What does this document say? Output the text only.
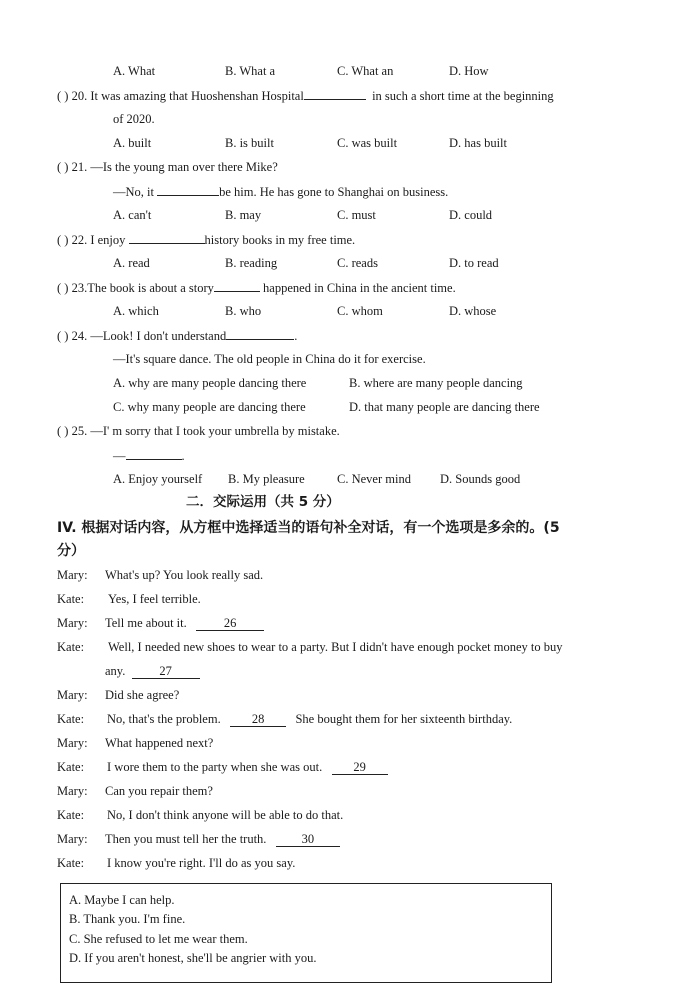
A. What	B. What a	C. What an	D. How
( ) 20. It was amazing that Huoshenshan Hospital	in such a short time at the beginning
of 2020.
A. built	B. is built	C. was built	D. has built
( ) 21. —Is the young man over there Mike?
—No, it	be him. He has gone to Shanghai on business.
A. can't	B. may	C. must	D. could
( ) 22. I enjoy	history books in my free time.
A. read	B. reading	C. reads	D. to read
( ) 23.The book is about a story	happened in China in the ancient time.
A. which	B. who	C. whom	D. whose
( ) 24. —Look! I don't understand	.
—It's square dance. The old people in China do it for exercise.
A. why are many people dancing there	B. where are many people dancing
C. why many people are dancing there	D. that many people are dancing there
( ) 25. —I' m sorry that I took your umbrella by mistake.
—	.
A. Enjoy yourself B. My pleasure	C. Never mind D. Sounds good
二．交际运用（共 5 分）
IV. 根据对话内容，从方框中选择适当的语句补全对话，有一个选项是多余的。(5
分）
Mary: What's up? You look really sad.
Kate: Yes, I feel terrible.
Mary: Tell me about it.	26
Kate: Well, I needed new shoes to wear to a party. But I didn't have enough pocket money to buy
any.	27
Mary: Did she agree?
Kate: No, that's the problem. 28 She bought them for her sixteenth birthday.
Mary: What happened next?
Kate: I wore them to the party when she was out. 29
Mary: Can you repair them?
Kate: No, I don't think anyone will be able to do that.
Mary: Then you must tell her the truth.	30
Kate: I know you're right. I'll do as you say.
A. Maybe I can help.
B. Thank you. I'm fine.
C. She refused to let me wear them.
D. If you aren't honest, she'll be angrier with you.
